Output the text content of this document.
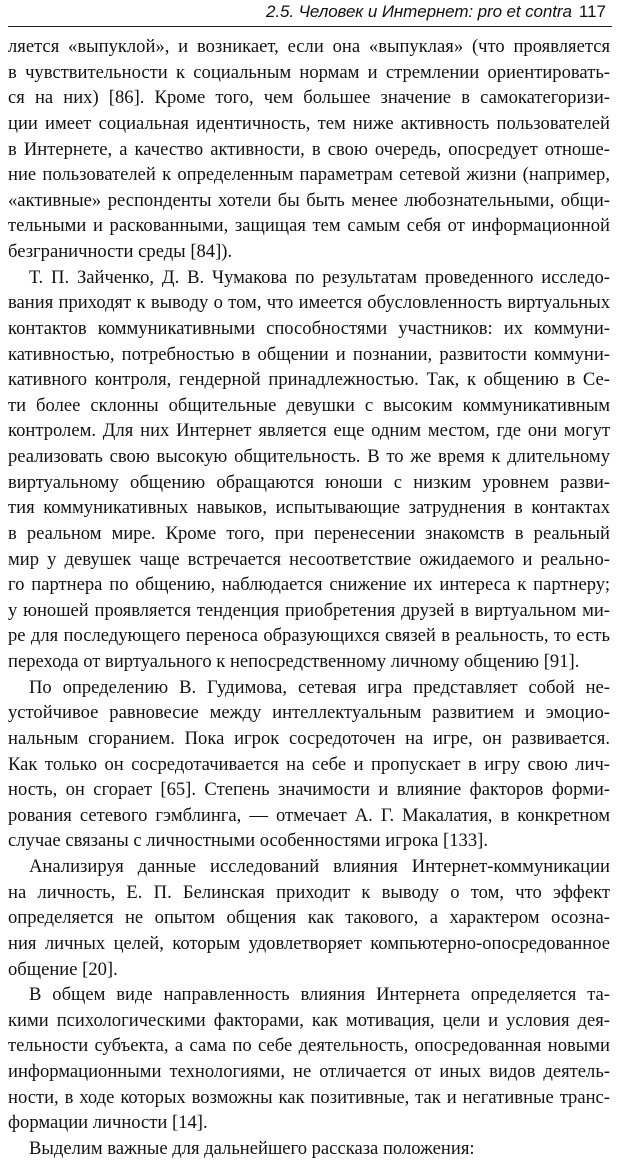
2.5. Человек и Интернет: pro et contra 117
ляется «выпуклой», и возникает, если она «выпуклая» (что проявляется
в чувствительности к социальным нормам и стремлении ориентировать-
ся на них) [86]. Кроме того, чем большее значение в самокатегоризи-
ции имеет социальная идентичность, тем ниже активность пользователей
в Интернете, а качество активности, в свою очередь, опосредует отноше-
ние пользователей к определенным параметрам сетевой жизни (например,
«активные» респонденты хотели бы быть менее любознательными, общи-
тельными и раскованными, защищая тем самым себя от информационной
безграничности среды [84]).
Т. П. Зайченко, Д. В. Чумакова по результатам проведенного исследо-
вания приходят к выводу о том, что имеется обусловленность виртуальных
контактов коммуникативными способностями участников: их коммуни-
кативностью, потребностью в общении и познании, развитости коммуни-
кативного контроля, гендерной принадлежностью. Так, к общению в Се-
ти более склонны общительные девушки с высоким коммуникативным
контролем. Для них Интернет является еще одним местом, где они могут
реализовать свою высокую общительность. В то же время к длительному
виртуальному общению обращаются юноши с низким уровнем разви-
тия коммуникативных навыков, испытывающие затруднения в контактах
в реальном мире. Кроме того, при перенесении знакомств в реальный
мир у девушек чаще встречается несоответствие ожидаемого и реально-
го партнера по общению, наблюдается снижение их интереса к партнеру;
у юношей проявляется тенденция приобретения друзей в виртуальном ми-
ре для последующего переноса образующихся связей в реальность, то есть
перехода от виртуального к непосредственному личному общению [91].
По определению В. Гудимова, сетевая игра представляет собой не-
устойчивое равновесие между интеллектуальным развитием и эмоцио-
нальным сгоранием. Пока игрок сосредоточен на игре, он развивается.
Как только он сосредотачивается на себе и пропускает в игру свою лич-
ность, он сгорает [65]. Степень значимости и влияние факторов форми-
рования сетевого гэмблинга, — отмечает А. Г. Макалатия, в конкретном
случае связаны с личностными особенностями игрока [133].
Анализируя данные исследований влияния Интернет-коммуникации
на личность, Е. П. Белинская приходит к выводу о том, что эффект
определяется не опытом общения как такового, а характером осозна-
ния личных целей, которым удовлетворяет компьютерно-опосредованное
общение [20].
В общем виде направленность влияния Интернета определяется та-
кими психологическими факторами, как мотивация, цели и условия дея-
тельности субъекта, а сама по себе деятельность, опосредованная новыми
информационными технологиями, не отличается от иных видов деятель-
ности, в ходе которых возможны как позитивные, так и негативные транс-
формации личности [14].
Выделим важные для дальнейшего рассказа положения:
